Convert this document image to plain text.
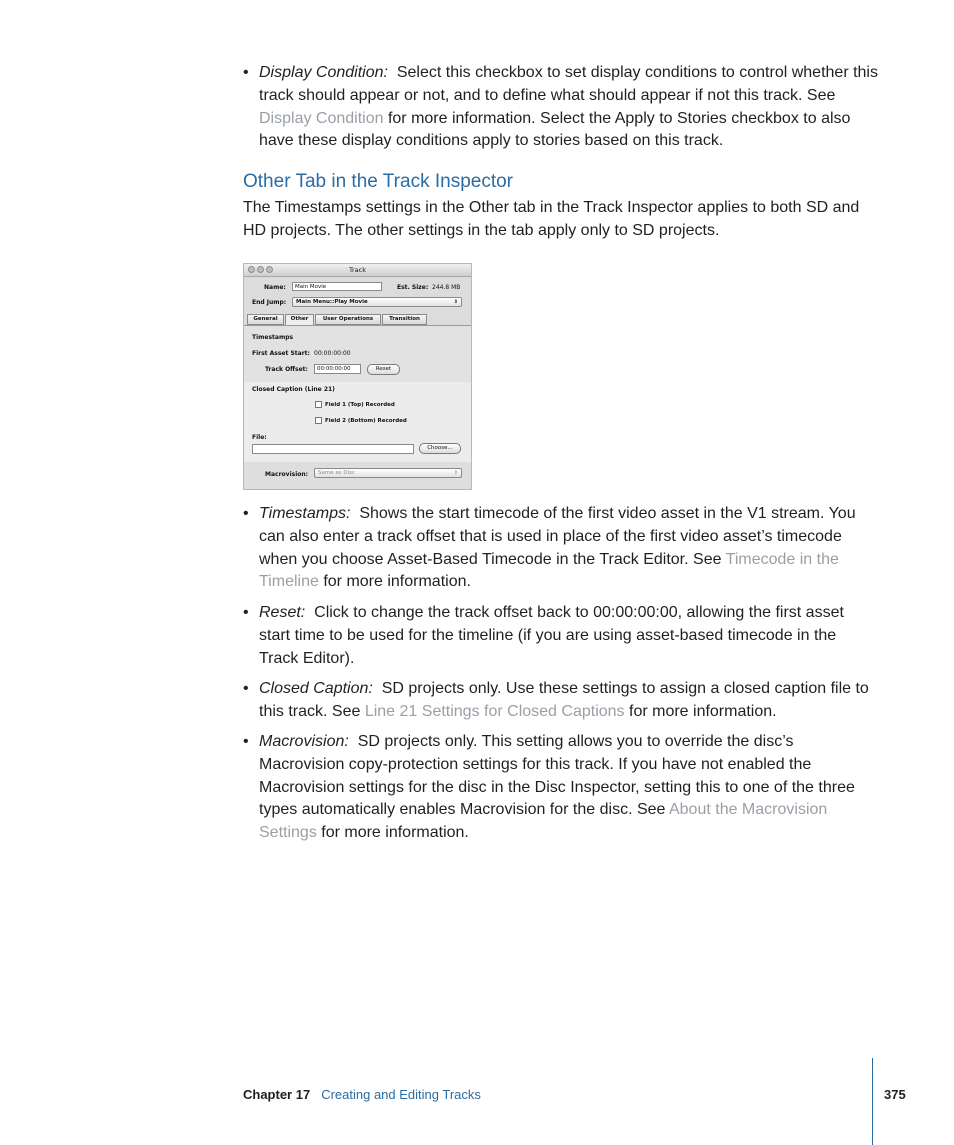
• Display Condition: Select this checkbox to set display conditions to control whether this track should appear or not, and to define what should appear if not this track. See Display Condition for more information. Select the Apply to Stories checkbox to also have these display conditions apply to stories based on this track.
Other Tab in the Track Inspector
The Timestamps settings in the Other tab in the Track Inspector applies to both SD and HD projects. The other settings in the tab apply only to SD projects.
Track
Name:	Main Movie	Est. Size: 244.8 MB
End Jump:	Main Menu::Play Movie	⇕
General	Other	User Operations	Transition
Timestamps
First Asset Start: 00:00:00:00
Track Offset:	00:00:00:00	Reset
Closed Caption (Line 21)
Field 1 (Top) Recorded
Field 2 (Bottom) Recorded
File:
Choose...
Macrovision:	Same as Disc	⇕
• Timestamps: Shows the start timecode of the first video asset in the V1 stream. You can also enter a track offset that is used in place of the first video asset’s timecode when you choose Asset-Based Timecode in the Track Editor. See Timecode in the Timeline for more information.
• Reset: Click to change the track offset back to 00:00:00:00, allowing the first asset start time to be used for the timeline (if you are using asset-based timecode in the Track Editor).
• Closed Caption: SD projects only. Use these settings to assign a closed caption file to this track. See Line 21 Settings for Closed Captions for more information.
• Macrovision: SD projects only. This setting allows you to override the disc’s Macrovision copy-protection settings for this track. If you have not enabled the Macrovision settings for the disc in the Disc Inspector, setting this to one of the three types automatically enables Macrovision for the disc. See About the Macrovision Settings for more information.
Chapter 17 Creating and Editing Tracks	375
